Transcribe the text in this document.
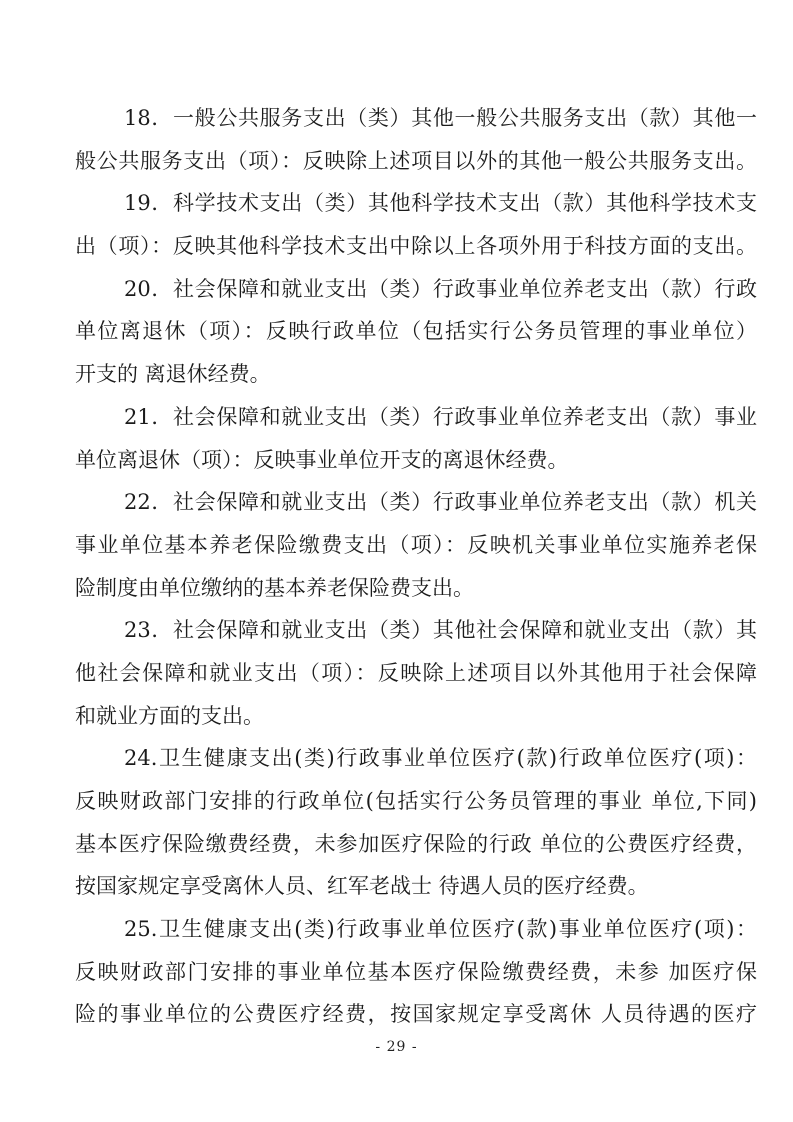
18．一般公共服务支出（类）其他一般公共服务支出（款）其他一
般公共服务支出（项）：反映除上述项目以外的其他一般公共服务支出。
19．科学技术支出（类）其他科学技术支出（款）其他科学技术支
出（项）：反映其他科学技术支出中除以上各项外用于科技方面的支出。
20．社会保障和就业支出（类）行政事业单位养老支出（款）行政
单位离退休（项）：反映行政单位（包括实行公务员管理的事业单位）
开支的 离退休经费。
21．社会保障和就业支出（类）行政事业单位养老支出（款）事业
单位离退休（项）：反映事业单位开支的离退休经费。
22．社会保障和就业支出（类）行政事业单位养老支出（款）机关
事业单位基本养老保险缴费支出（项）：反映机关事业单位实施养老保
险制度由单位缴纳的基本养老保险费支出。
23．社会保障和就业支出（类）其他社会保障和就业支出（款）其
他社会保障和就业支出（项）：反映除上述项目以外其他用于社会保障
和就业方面的支出。
24.卫生健康支出(类)行政事业单位医疗(款)行政单位医疗(项)：
反映财政部门安排的行政单位(包括实行公务员管理的事业 单位,下同)
基本医疗保险缴费经费，未参加医疗保险的行政 单位的公费医疗经费，
按国家规定享受离休人员、红军老战士 待遇人员的医疗经费。
25.卫生健康支出(类)行政事业单位医疗(款)事业单位医疗(项)：
反映财政部门安排的事业单位基本医疗保险缴费经费，未参 加医疗保
险的事业单位的公费医疗经费，按国家规定享受离休 人员待遇的医疗
- 29 -
